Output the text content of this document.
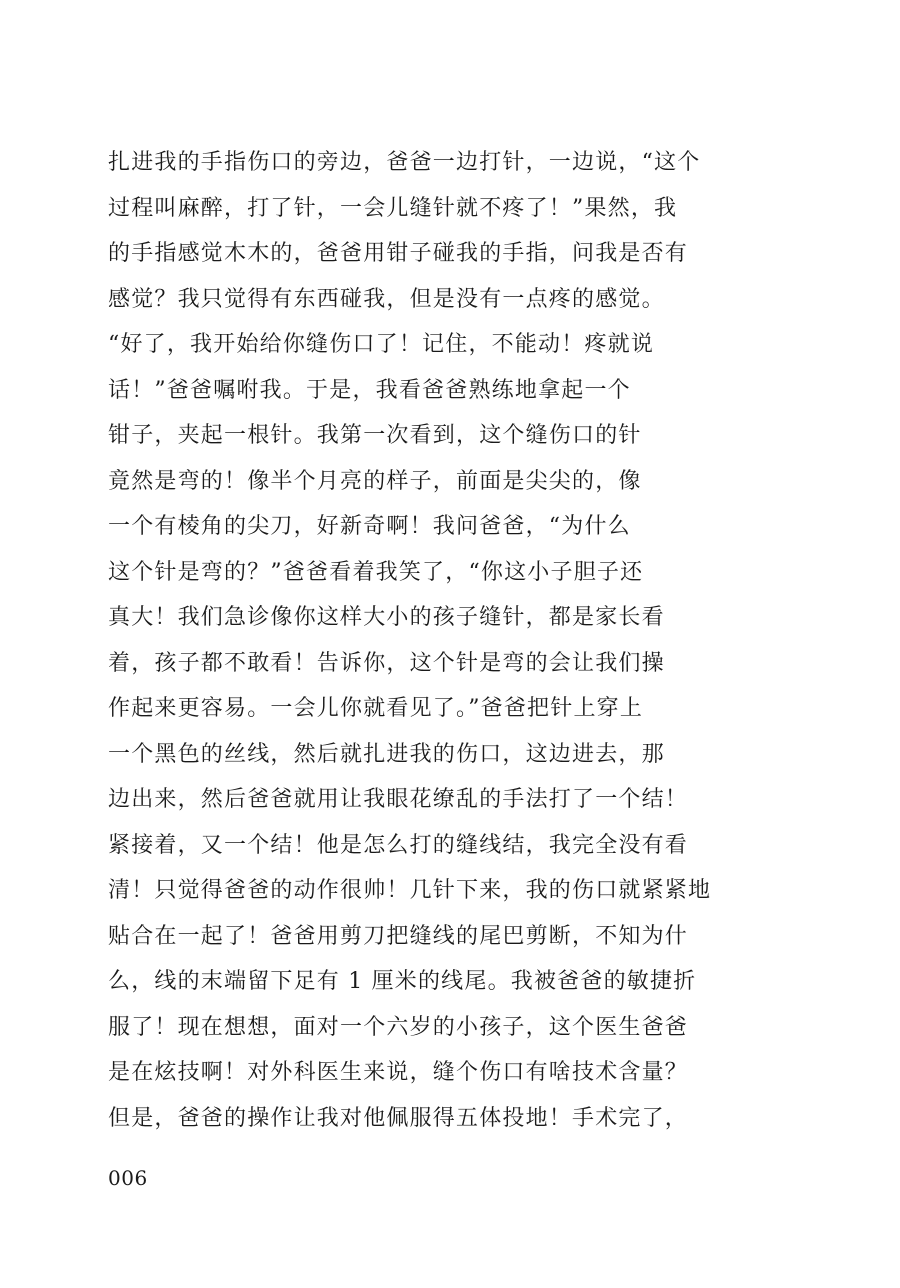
扎进我的手指伤口的旁边，爸爸一边打针，一边说，“这个
过程叫麻醉，打了针，一会儿缝针就不疼了！”果然，我
的手指感觉木木的，爸爸用钳子碰我的手指，问我是否有
感觉？我只觉得有东西碰我，但是没有一点疼的感觉。
“好了，我开始给你缝伤口了！记住，不能动！疼就说
话！”爸爸嘱咐我。于是，我看爸爸熟练地拿起一个
钳子，夹起一根针。我第一次看到，这个缝伤口的针
竟然是弯的！像半个月亮的样子，前面是尖尖的，像
一个有棱角的尖刀，好新奇啊！我问爸爸，“为什么
这个针是弯的？”爸爸看着我笑了，“你这小子胆子还
真大！我们急诊像你这样大小的孩子缝针，都是家长看
着，孩子都不敢看！告诉你，这个针是弯的会让我们操
作起来更容易。一会儿你就看见了。”爸爸把针上穿上
一个黑色的丝线，然后就扎进我的伤口，这边进去，那
边出来，然后爸爸就用让我眼花缭乱的手法打了一个结！
紧接着，又一个结！他是怎么打的缝线结，我完全没有看
清！只觉得爸爸的动作很帅！几针下来，我的伤口就紧紧地
贴合在一起了！爸爸用剪刀把缝线的尾巴剪断，不知为什
么，线的末端留下足有 1 厘米的线尾。我被爸爸的敏捷折
服了！现在想想，面对一个六岁的小孩子，这个医生爸爸
是在炫技啊！对外科医生来说，缝个伤口有啥技术含量？
但是，爸爸的操作让我对他佩服得五体投地！手术完了，
006
